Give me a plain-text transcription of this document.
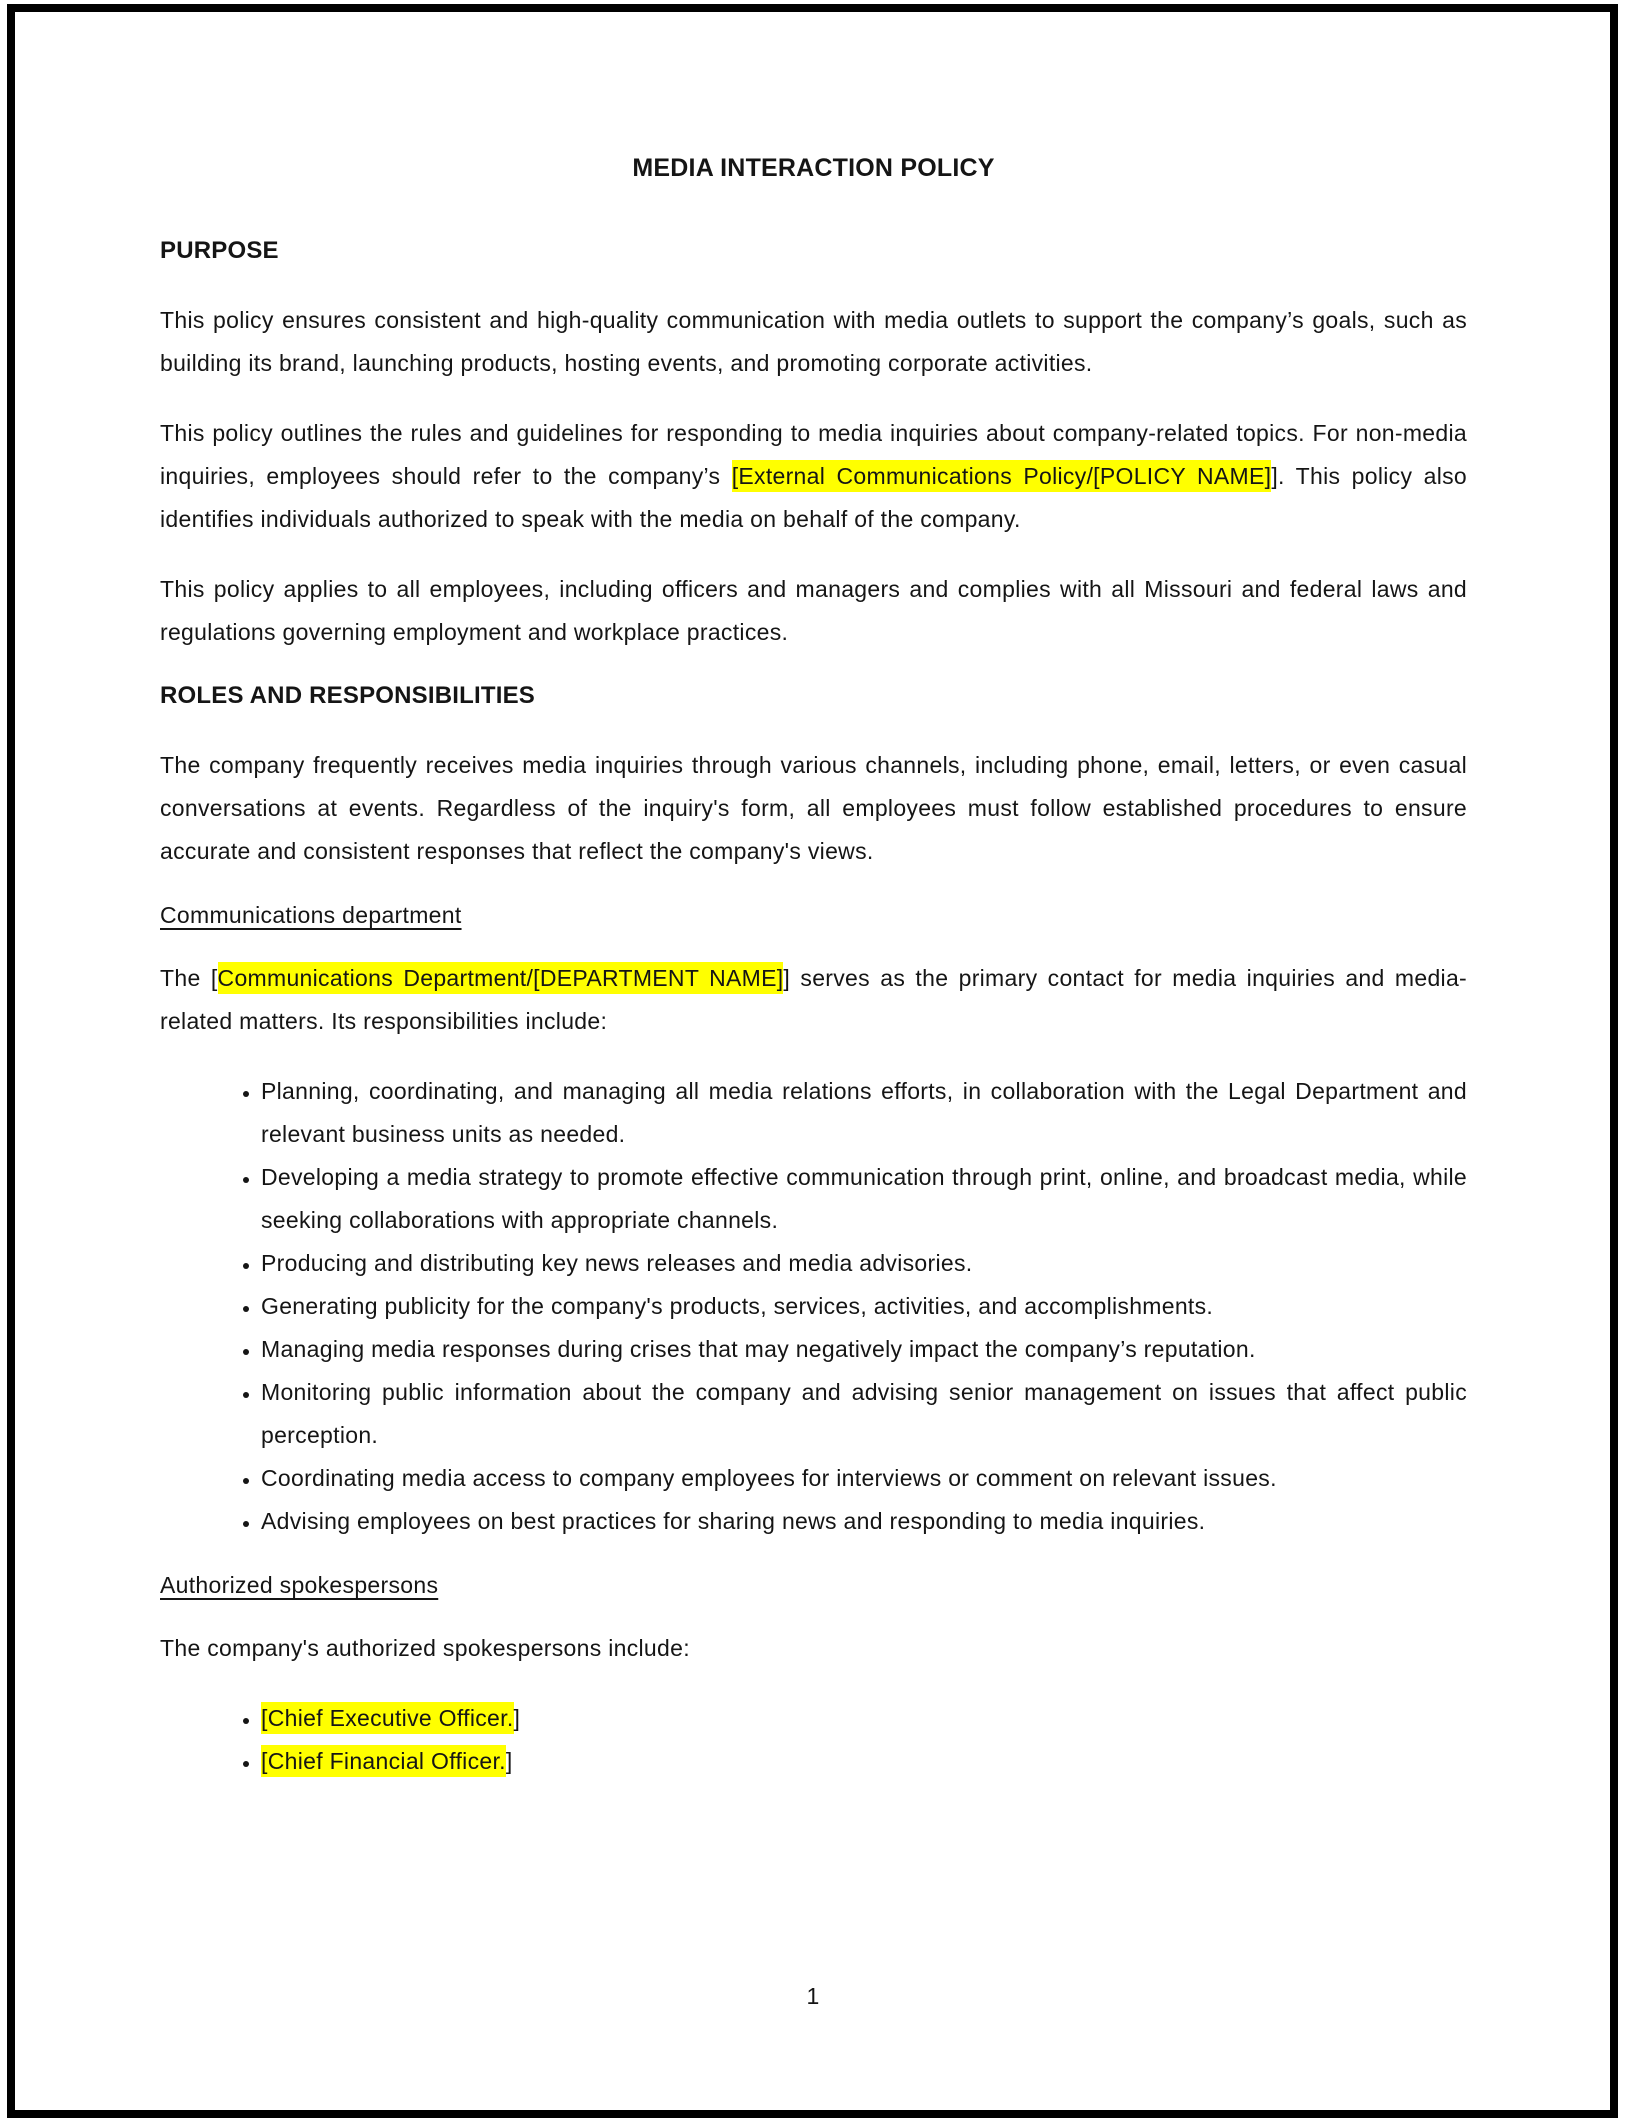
MEDIA INTERACTION POLICY
PURPOSE

This policy ensures consistent and high-quality communication with media outlets to support the company’s goals, such as building its brand, launching products, hosting events, and promoting corporate activities.

This policy outlines the rules and guidelines for responding to media inquiries about company-related topics. For non-media inquiries, employees should refer to the company’s [External Communications Policy/[POLICY NAME]]. This policy also identifies individuals authorized to speak with the media on behalf of the company.

This policy applies to all employees, including officers and managers and complies with all Missouri and federal laws and regulations governing employment and workplace practices.

ROLES AND RESPONSIBILITIES

The company frequently receives media inquiries through various channels, including phone, email, letters, or even casual conversations at events. Regardless of the inquiry's form, all employees must follow established procedures to ensure accurate and consistent responses that reflect the company's views.

Communications department

The [Communications Department/[DEPARTMENT NAME]] serves as the primary contact for media inquiries and media-related matters. Its responsibilities include:

• Planning, coordinating, and managing all media relations efforts, in collaboration with the Legal Department and relevant business units as needed.
• Developing a media strategy to promote effective communication through print, online, and broadcast media, while seeking collaborations with appropriate channels.
• Producing and distributing key news releases and media advisories.
• Generating publicity for the company's products, services, activities, and accomplishments.
• Managing media responses during crises that may negatively impact the company’s reputation.
• Monitoring public information about the company and advising senior management on issues that affect public perception.
• Coordinating media access to company employees for interviews or comment on relevant issues.
• Advising employees on best practices for sharing news and responding to media inquiries.
Authorized spokespersons

The company's authorized spokespersons include:

• [Chief Executive Officer.]
• [Chief Financial Officer.]
1
